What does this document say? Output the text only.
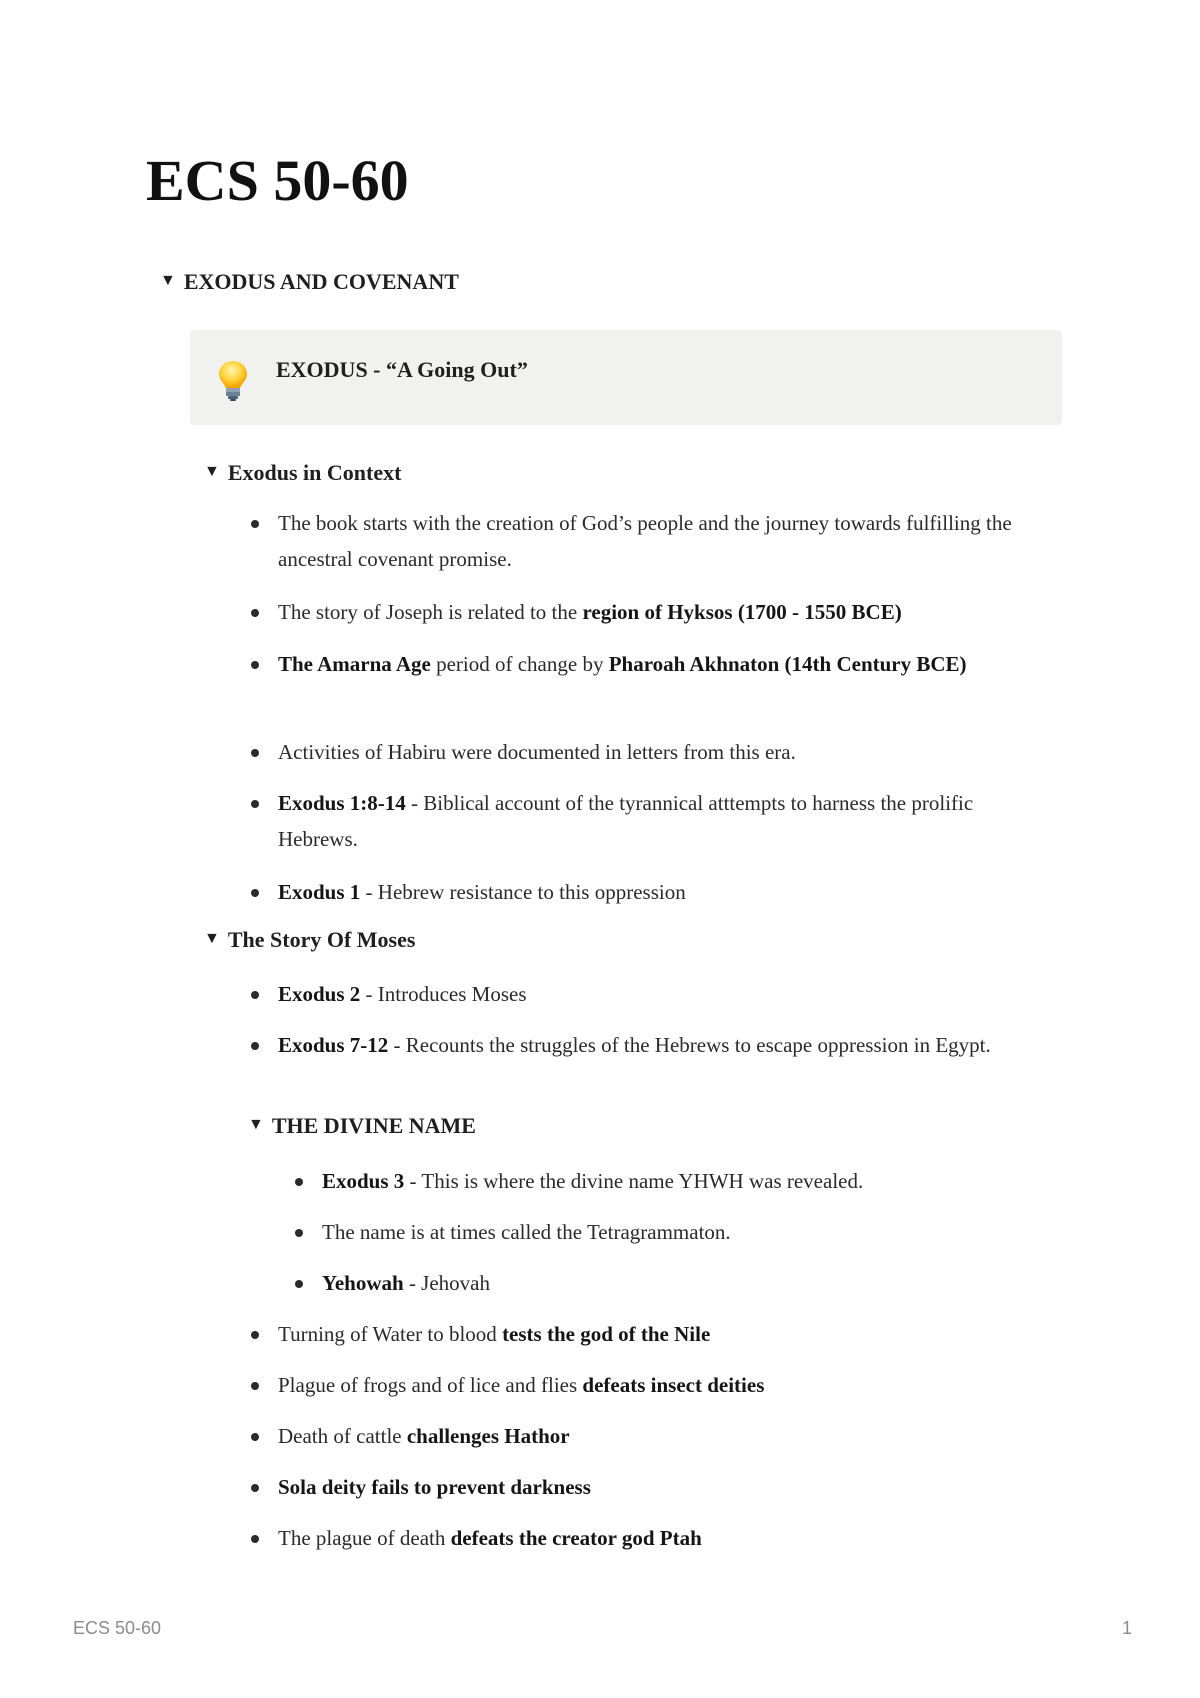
ECS 50-60
▼ EXODUS AND COVENANT
EXODUS - “A Going Out”
▼ Exodus in Context
The book starts with the creation of God’s people and the journey towards fulfilling the ancestral covenant promise.
The story of Joseph is related to the region of Hyksos (1700 - 1550 BCE)
The Amarna Age period of change by Pharoah Akhnaton (14th Century BCE)
Activities of Habiru were documented in letters from this era.
Exodus 1:8-14 - Biblical account of the tyrannical atttempts to harness the prolific Hebrews.
Exodus 1 - Hebrew resistance to this oppression
▼ The Story Of Moses
Exodus 2 - Introduces Moses
Exodus 7-12 - Recounts the struggles of the Hebrews to escape oppression in Egypt.
▼ THE DIVINE NAME
Exodus 3 - This is where the divine name YHWH was revealed.
The name is at times called the Tetragrammaton.
Yehowah - Jehovah
Turning of Water to blood tests the god of the Nile
Plague of frogs and of lice and flies defeats insect deities
Death of cattle challenges Hathor
Sola deity fails to prevent darkness
The plague of death defeats the creator god Ptah
ECS 50-60	1
